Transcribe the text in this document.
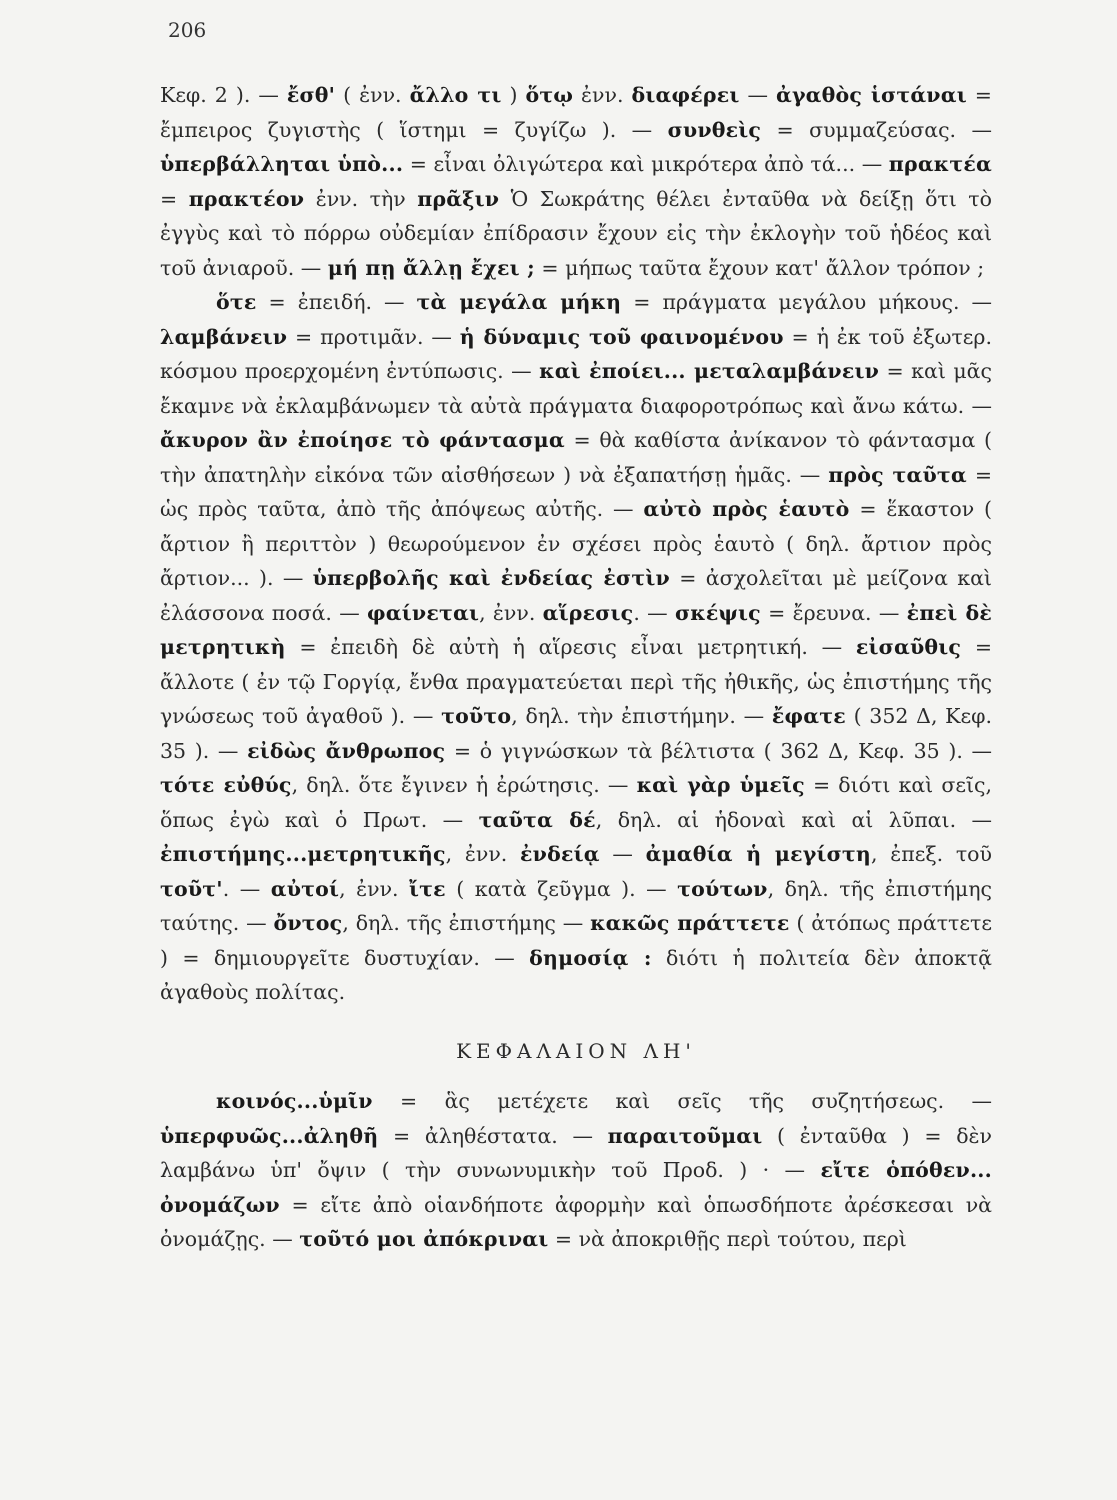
206

Κεφ. 2 ). — ἔσθ' ( ἐνν. ἄλλο τι ) ὅτῳ ἐνν. διαφέρει — ἀγαθὸς ἱστάναι = ἔμπειρος ζυγιστὴς ( ἵστημι = ζυγίζω ). — συνθεὶς = συμμαζεύσας. — ὑπερβάλληται ὑπὸ... = εἶναι ὀλιγώτερα καὶ μικρότερα ἀπὸ τά... — πρακτέα = πρακτέον ἐνν. τὴν πρᾶξιν Ὁ Σωκράτης θέλει ἐνταῦθα νὰ δείξῃ ὅτι τὸ ἐγγὺς καὶ τὸ πόρρω οὐδεμίαν ἐπίδρασιν ἔχουν εἰς τὴν ἐκλογὴν τοῦ ἡδέος καὶ τοῦ ἀνιαροῦ. — μή πῃ ἄλλῃ ἔχει ; = μήπως ταῦτα ἔχουν κατ' ἄλλον τρόπον ;

ὅτε = ἐπειδή. — τὰ μεγάλα μήκη = πράγματα μεγάλου μήκους. — λαμβάνειν = προτιμᾶν. — ἡ δύναμις τοῦ φαινομένου = ἡ ἐκ τοῦ ἐξωτερ. κόσμου προερχομένη ἐντύπωσις. — καὶ ἐποίει... μεταλαμβάνειν = καὶ μᾶς ἔκαμνε νὰ ἐκλαμβάνωμεν τὰ αὐτὰ πράγματα διαφορoτρόπως καὶ ἄνω κάτω. — ἄκυρον ἂν ἐποίησε τὸ φάντασμα = θὰ καθίστα ἀνίκανον τὸ φάντασμα ( τὴν ἀπατηλὴν εἰκόνα τῶν αἰσθήσεων ) νὰ ἐξαπατήσῃ ἡμᾶς. — πρὸς ταῦτα = ὡς πρὸς ταῦτα, ἀπὸ τῆς ἀπόψεως αὐτῆς. — αὐτὸ πρὸς ἑαυτὸ = ἕκαστον ( ἄρτιον ἢ περιττὸν ) θεωρούμενον ἐν σχέσει πρὸς ἑαυτὸ ( δηλ. ἄρτιον πρὸς ἄρτιον... ). — ὑπερβολῆς καὶ ἐνδείας ἐστὶν = ἀσχολεῖται μὲ μείζονα καὶ ἐλάσσονα ποσά. — φαίνεται, ἐνν. αἵρεσις. — σκέψις = ἔρευνα. — ἐπεὶ δὲ μετρητικὴ = ἐπειδὴ δὲ αὐτὴ ἡ αἵρεσις εἶναι μετρητική. — εἰσαῦθις = ἄλλοτε ( ἐν τῷ Γοργίᾳ, ἔνθα πραγματεύεται περὶ τῆς ἠθικῆς, ὡς ἐπιστήμης τῆς γνώσεως τοῦ ἀγαθοῦ ). — τοῦτο, δηλ. τὴν ἐπιστήμην. — ἔφατε ( 352 Δ, Κεφ. 35 ). — εἰδὼς ἄνθρωπος = ὁ γιγνώσκων τὰ βέλτιστα ( 362 Δ, Κεφ. 35 ). — τότε εὐθύς, δηλ. ὅτε ἔγινεν ἡ ἐρώτησις. — καὶ γὰρ ὑμεῖς = διότι καὶ σεῖς, ὅπως ἐγὼ καὶ ὁ Πρωτ. — ταῦτα δέ, δηλ. αἱ ἡδοναὶ καὶ αἱ λῦπαι. — ἐπιστήμης...μετρητικῆς, ἐνν. ἐνδείᾳ — ἀμαθία ἡ μεγίστη, ἐπεξ. τοῦ τοῦτ'. — αὐτοί, ἐνν. ἴτε ( κατὰ ζεῦγμα ). — τούτων, δηλ. τῆς ἐπιστήμης ταύτης. — ὄντος, δηλ. τῆς ἐπιστήμης — κακῶς πράττετε ( ἀτόπως πράττετε ) = δημιουργεῖτε δυστυχίαν. — δημοσίᾳ : διότι ἡ πολιτεία δὲν ἀποκτᾷ ἀγαθοὺς πολίτας.

ΚΕΦΑΛΑΙΟΝ ΛΗ'

κοινός...ὑμῖν = ἃς μετέχετε καὶ σεῖς τῆς συζητήσεως. — ὑπερφυῶς...ἀληθῆ = ἀληθέστατα. — παραιτοῦμαι ( ἐνταῦθα ) = δὲν λαμβάνω ὑπ' ὄψιν ( τὴν συνωνυμικὴν τοῦ Προδ. ) · — εἴτε ὁπόθεν... ὀνομάζων = εἴτε ἀπὸ οἱανδήποτε ἀφορμὴν καὶ ὁπωσδήποτε ἀρέσκεσαι νὰ ὀνομάζῃς. — τοῦτό μοι ἀπόκριναι = νὰ ἀποκριθῇς περὶ τούτου, περὶ
